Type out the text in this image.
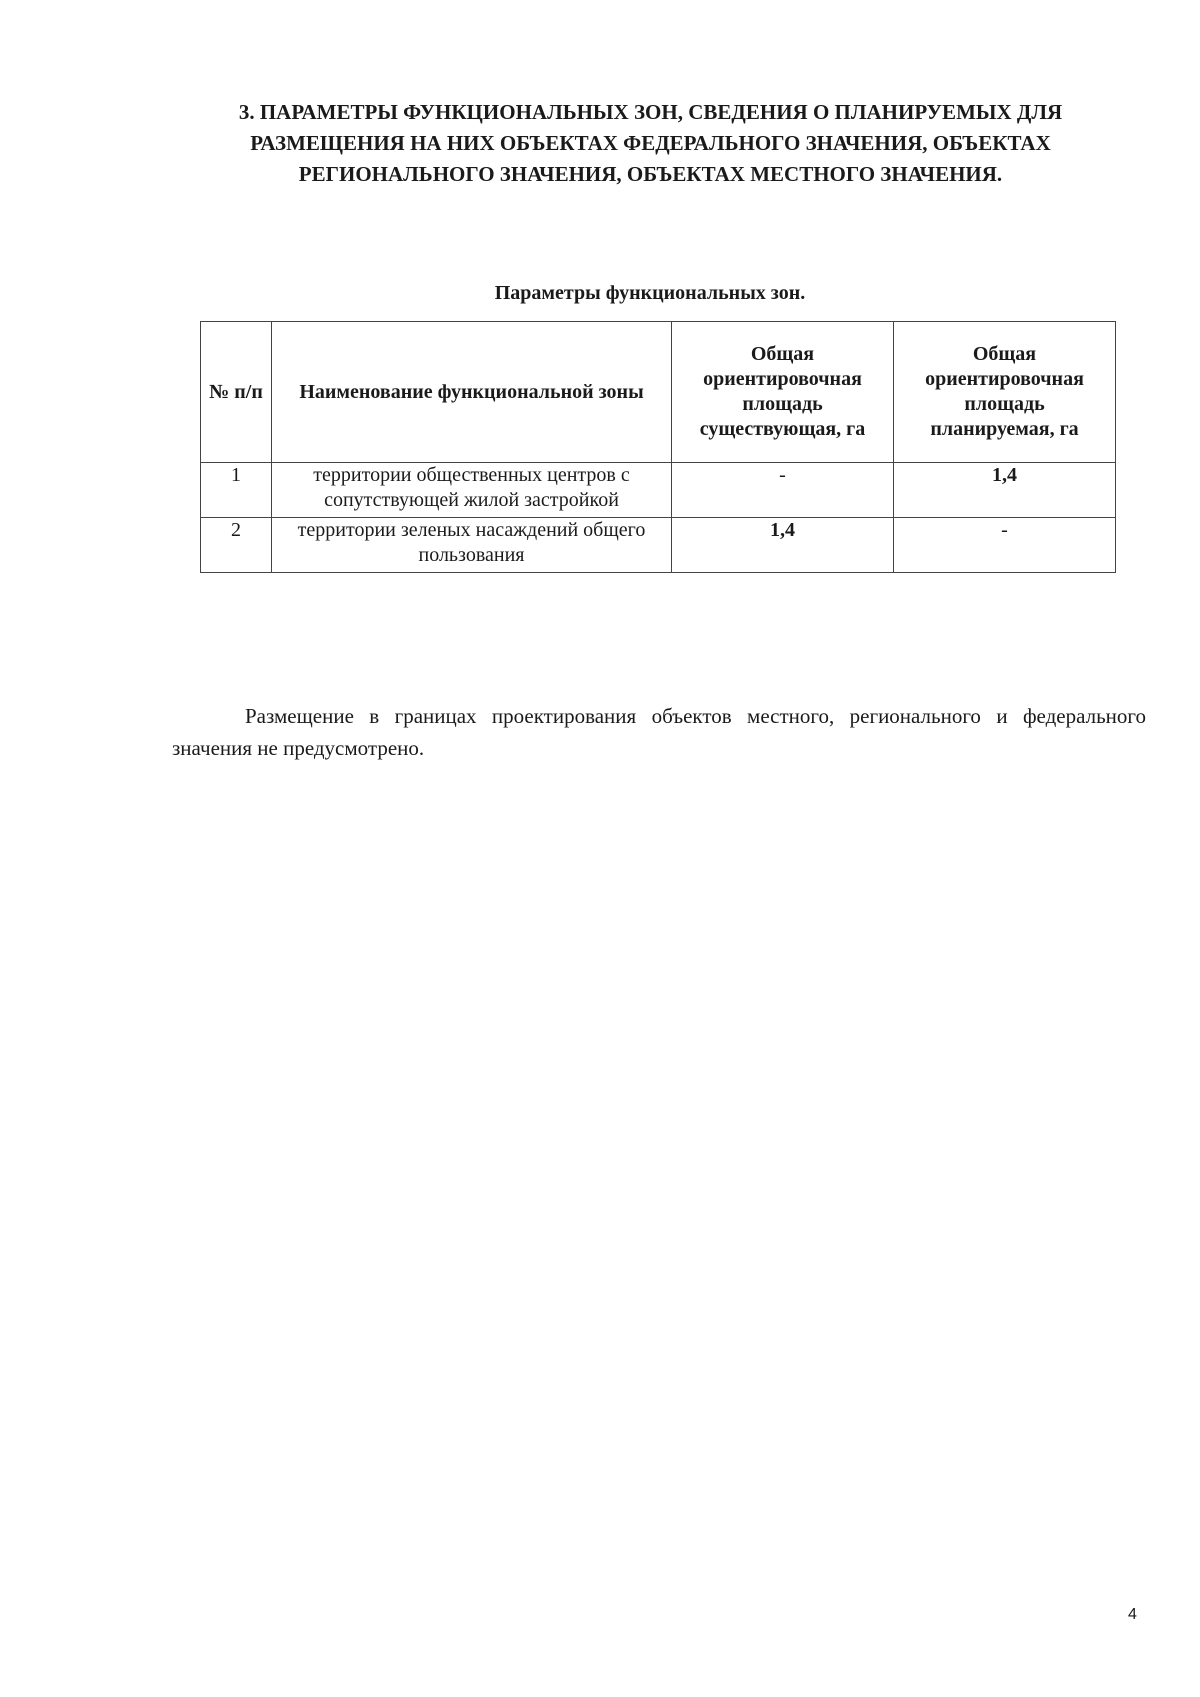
3. ПАРАМЕТРЫ ФУНКЦИОНАЛЬНЫХ ЗОН, СВЕДЕНИЯ О ПЛАНИРУЕМЫХ ДЛЯ
РАЗМЕЩЕНИЯ НА НИХ ОБЪЕКТАХ ФЕДЕРАЛЬНОГО ЗНАЧЕНИЯ, ОБЪЕКТАХ
РЕГИОНАЛЬНОГО ЗНАЧЕНИЯ, ОБЪЕКТАХ МЕСТНОГО ЗНАЧЕНИЯ.
Параметры функциональных зон.
№ п/п	Наименование функциональной зоны	Общая ориентировочная площадь существующая, га	Общая ориентировочная площадь планируемая, га
1	территории общественных центров с сопутствующей жилой застройкой	-	1,4
2	территории зеленых насаждений общего пользования	1,4	-

Размещение в границах проектирования объектов местного, регионального и федерального значения не предусмотрено.

4
